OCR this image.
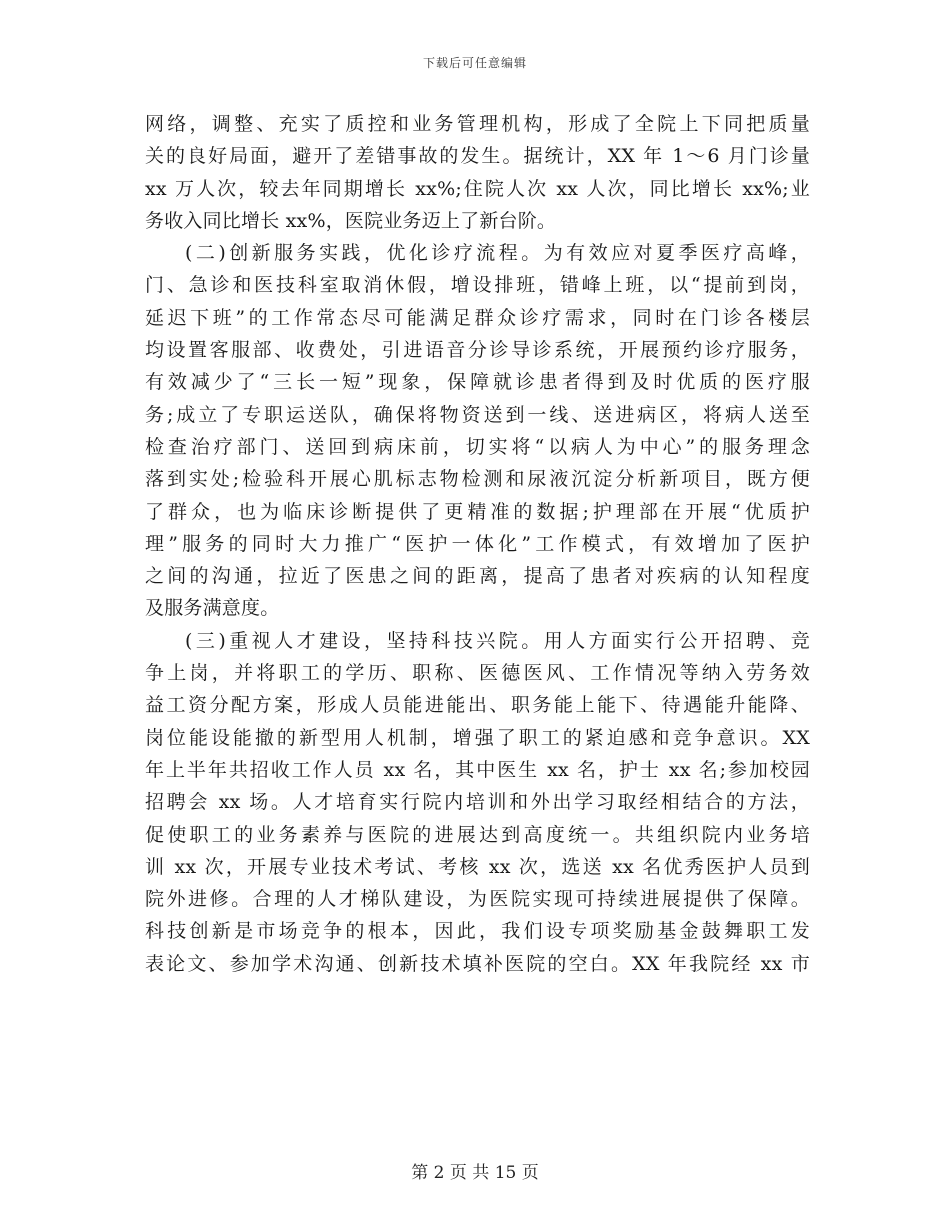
下载后可任意编辑
网络，调整、充实了质控和业务管理机构，形成了全院上下同把质量
关的良好局面，避开了差错事故的发生。据统计，XX 年 1～6 月门诊量
xx 万人次，较去年同期增长 xx%;住院人次 xx 人次，同比增长 xx%;业
务收入同比增长 xx%，医院业务迈上了新台阶。
(二)创新服务实践，优化诊疗流程。为有效应对夏季医疗高峰，
门、急诊和医技科室取消休假，增设排班，错峰上班，以“提前到岗，
延迟下班”的工作常态尽可能满足群众诊疗需求，同时在门诊各楼层
均设置客服部、收费处，引进语音分诊导诊系统，开展预约诊疗服务，
有效减少了“三长一短”现象，保障就诊患者得到及时优质的医疗服
务;成立了专职运送队，确保将物资送到一线、送进病区，将病人送至
检查治疗部门、送回到病床前，切实将“以病人为中心”的服务理念
落到实处;检验科开展心肌标志物检测和尿液沉淀分析新项目，既方便
了群众，也为临床诊断提供了更精准的数据;护理部在开展“优质护
理”服务的同时大力推广“医护一体化”工作模式，有效增加了医护
之间的沟通，拉近了医患之间的距离，提高了患者对疾病的认知程度
及服务满意度。
(三)重视人才建设，坚持科技兴院。用人方面实行公开招聘、竞
争上岗，并将职工的学历、职称、医德医风、工作情况等纳入劳务效
益工资分配方案，形成人员能进能出、职务能上能下、待遇能升能降、
岗位能设能撤的新型用人机制，增强了职工的紧迫感和竞争意识。XX
年上半年共招收工作人员 xx 名，其中医生 xx 名，护士 xx 名;参加校园
招聘会 xx 场。人才培育实行院内培训和外出学习取经相结合的方法，
促使职工的业务素养与医院的进展达到高度统一。共组织院内业务培
训 xx 次，开展专业技术考试、考核 xx 次，选送 xx 名优秀医护人员到
院外进修。合理的人才梯队建设，为医院实现可持续进展提供了保障。
科技创新是市场竞争的根本，因此，我们设专项奖励基金鼓舞职工发
表论文、参加学术沟通、创新技术填补医院的空白。XX 年我院经 xx 市
第 2 页 共 15 页
